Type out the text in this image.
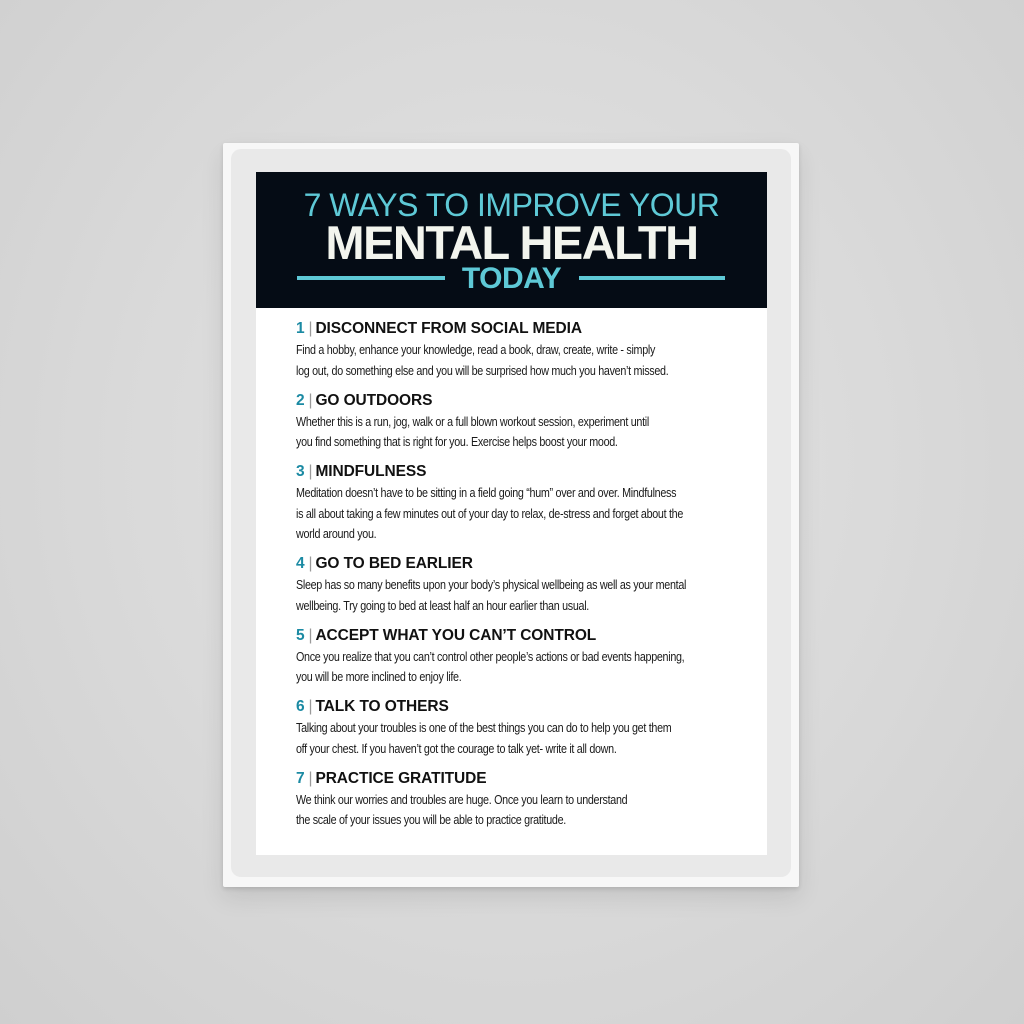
7 WAYS TO IMPROVE YOUR
MENTAL HEALTH
TODAY
1 | DISCONNECT FROM SOCIAL MEDIA
Find a hobby, enhance your knowledge, read a book, draw, create, write - simply
log out, do something else and you will be surprised how much you haven’t missed.
2 | GO OUTDOORS
Whether this is a run, jog, walk or a full blown workout session, experiment until
you find something that is right for you. Exercise helps boost your mood.
3 | MINDFULNESS
Meditation doesn’t have to be sitting in a field going “hum” over and over. Mindfulness
is all about taking a few minutes out of your day to relax, de-stress and forget about the
world around you.
4 | GO TO BED EARLIER
Sleep has so many benefits upon your body’s physical wellbeing as well as your mental
wellbeing. Try going to bed at least half an hour earlier than usual.
5 | ACCEPT WHAT YOU CAN’T CONTROL
Once you realize that you can’t control other people’s actions or bad events happening,
you will be more inclined to enjoy life.
6 | TALK TO OTHERS
Talking about your troubles is one of the best things you can do to help you get them
off your chest. If you haven’t got the courage to talk yet- write it all down.
7 | PRACTICE GRATITUDE
We think our worries and troubles are huge. Once you learn to understand
the scale of your issues you will be able to practice gratitude.
